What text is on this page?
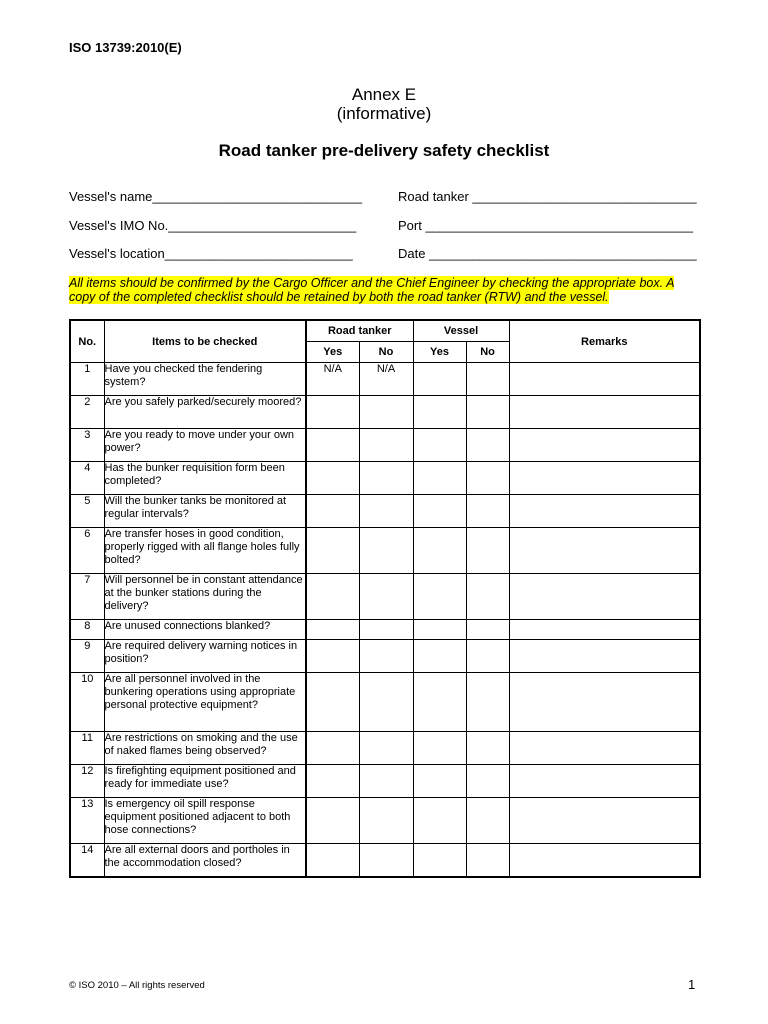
ISO 13739:2010(E)
Annex E
(informative)
Road tanker pre-delivery safety checklist
Vessel's name_____________________________	Road tanker _______________________________
Vessel's IMO No.__________________________	Port _____________________________________
Vessel's location__________________________	Date _____________________________________
All items should be confirmed by the Cargo Officer and the Chief Engineer by checking the appropriate box. A copy of the completed checklist should be retained by both the road tanker (RTW) and the vessel.
No.	Items to be checked	Road tanker		Vessel		Remarks
		Yes	No	Yes	No	
1	Have you checked the fendering system?	N/A	N/A			
2	Are you safely parked/securely moored?					
3	Are you ready to move under your own power?					
4	Has the bunker requisition form been completed?					
5	Will the bunker tanks be monitored at regular intervals?					
6	Are transfer hoses in good condition, properly rigged with all flange holes fully bolted?					
7	Will personnel be in constant attendance at the bunker stations during the delivery?					
8	Are unused connections blanked?					
9	Are required delivery warning notices in position?					
10	Are all personnel involved in the bunkering operations using appropriate personal protective equipment?					
11	Are restrictions on smoking and the use of naked flames being observed?					
12	Is firefighting equipment positioned and ready for immediate use?					
13	Is emergency oil spill response equipment positioned adjacent to both hose connections?					
14	Are all external doors and portholes in the accommodation closed?					
© ISO 2010 – All rights reserved	1
